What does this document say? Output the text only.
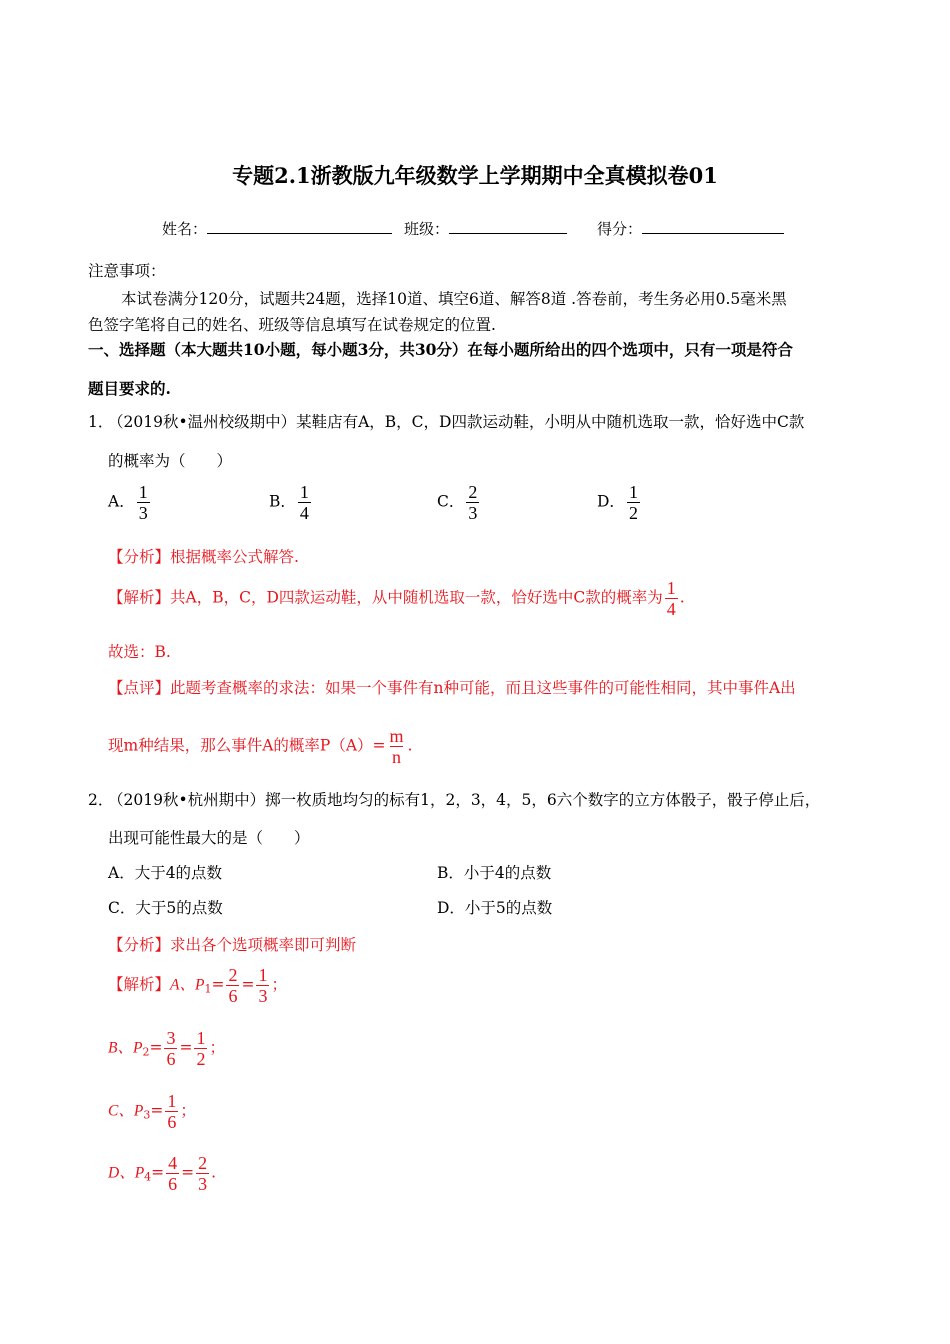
专题2.1浙教版九年级数学上学期期中全真模拟卷01
姓名：	班级：	得分：
注意事项：
本试卷满分120分，试题共24题，选择10道、填空6道、解答8道 .答卷前，考生务必用0.5毫米黑
色签字笔将自己的姓名、班级等信息填写在试卷规定的位置.
一、选择题（本大题共10小题，每小题3分，共30分）在每小题所给出的四个选项中，只有一项是符合
题目要求的.
1．
（2019秋•温州校级期中）某鞋店有A，B，C，D四款运动鞋，小明从中随机选取一款，恰好选中C款
的概率为（　　）
A． $\frac{1}{3}$	B． $\frac{1}{4}$	C． $\frac{2}{3}$	D． $\frac{1}{2}$
【分析】根据概率公式解答.
【解析】共A，B，C，D四款运动鞋，从中随机选取一款，恰好选中C款的概率为 $\frac{1}{4}$ .
故选：B.
【点评】此题考查概率的求法：如果一个事件有n种可能，而且这些事件的可能性相同，其中事件A出
现m种结果，那么事件A的概率$P(A)= \frac{m}{n}$ .
2．
（2019秋•杭州期中）掷一枚质地均匀的标有1，2，3，4，5，6六个数字的立方体骰子，骰子停止后，
出现可能性最大的是（　　）
A．大于4的点数	B．小于4的点数
C．大于5的点数	D．小于5的点数
【分析】求出各个选项概率即可判断
【解析】A、$P_1= \frac{2}{6} = \frac{1}{3}$ ；
B、$P_2= \frac{3}{6} = \frac{1}{2}$ ；
C、$P_3= \frac{1}{6}$ ；
D、$P_4= \frac{4}{6} = \frac{2}{3}$ .
